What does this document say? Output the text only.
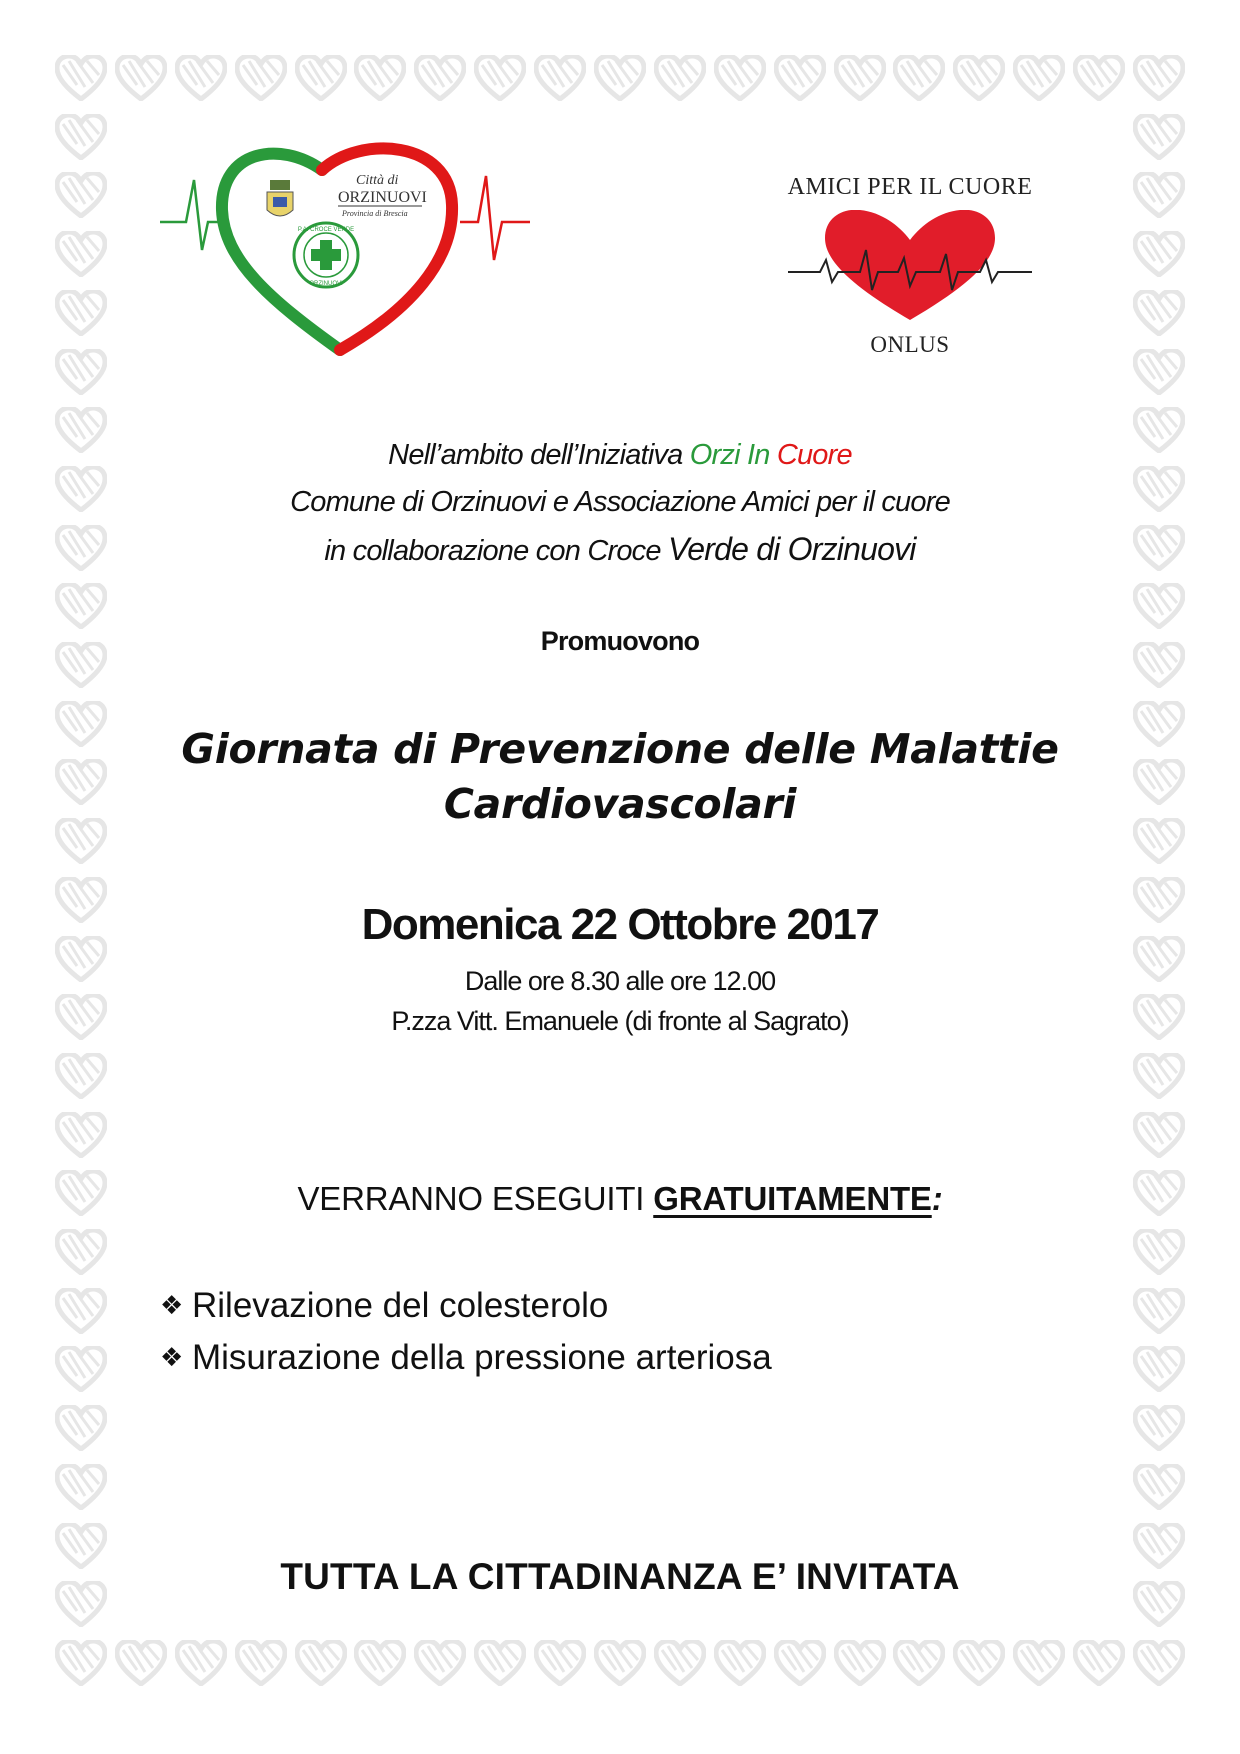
P.A. CROCE VERDE
ORZINUOVI
Città di
ORZINUOVI
Provincia di Brescia
AMICI PER IL CUORE
ONLUS
Nell’ambito dell’Iniziativa Orzi In Cuore
Comune di Orzinuovi e Associazione Amici per il cuore
in collaborazione con Croce Verde di Orzinuovi
Promuovono
Giornata di Prevenzione delle Malattie
Cardiovascolari
Domenica 22 Ottobre 2017
Dalle ore 8.30 alle ore 12.00
P.zza Vitt. Emanuele (di fronte al Sagrato)
VERRANNO ESEGUITI GRATUITAMENTE:
❖ Rilevazione del colesterolo
❖ Misurazione della pressione arteriosa
TUTTA LA CITTADINANZA E’ INVITATA
